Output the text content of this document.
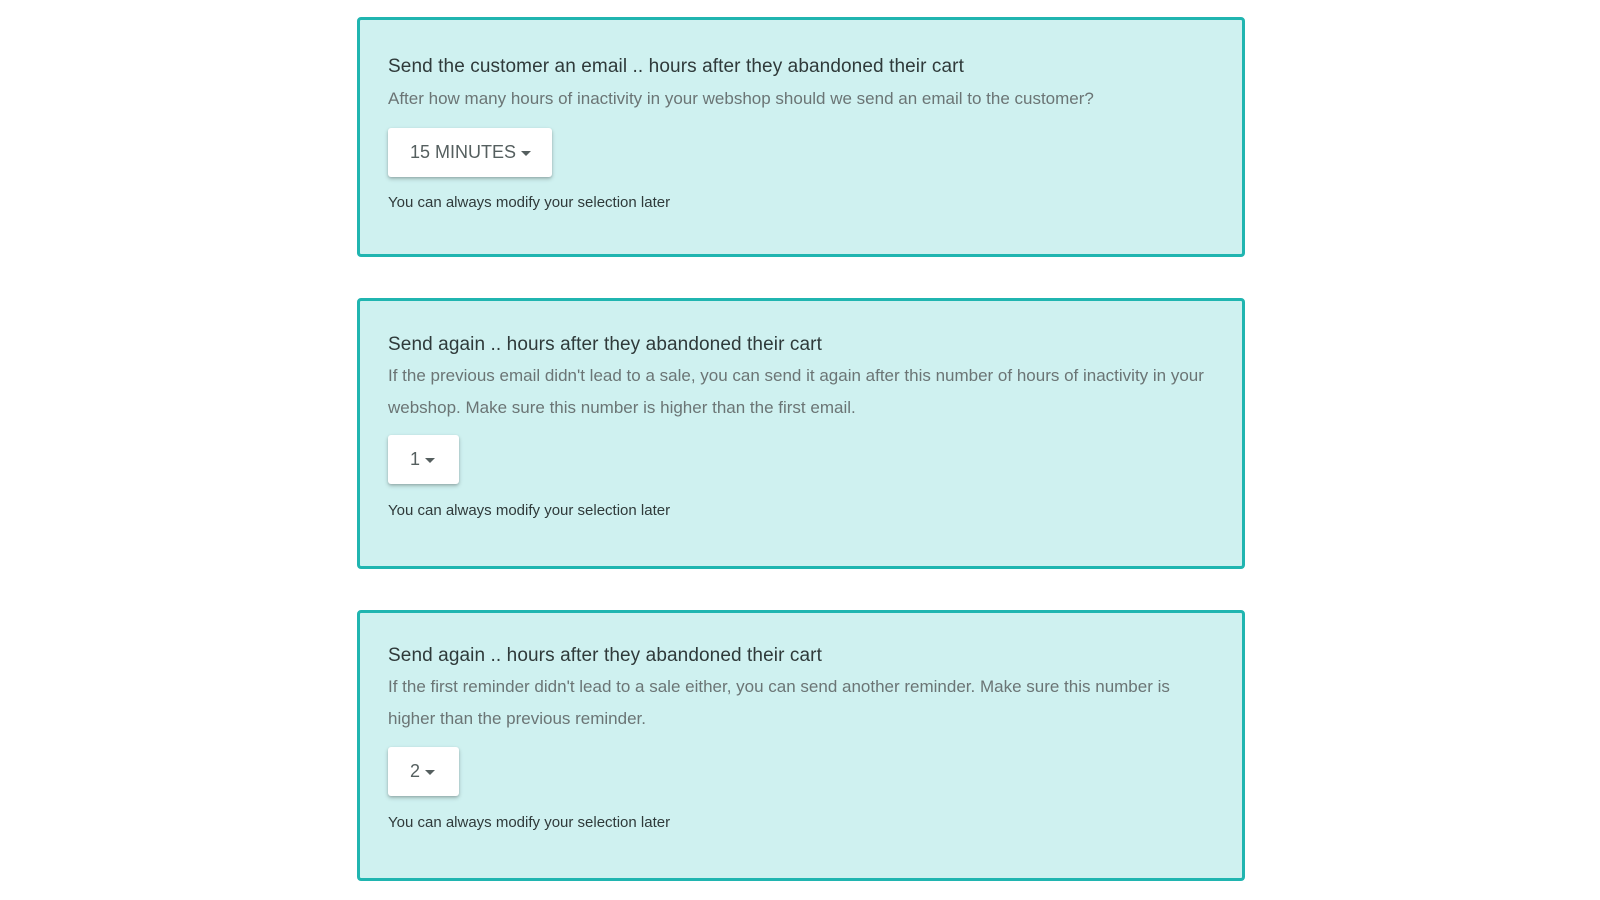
Send the customer an email .. hours after they abandoned their cart
After how many hours of inactivity in your webshop should we send an email to the customer?
15 MINUTES
You can always modify your selection later
Send again .. hours after they abandoned their cart
If the previous email didn't lead to a sale, you can send it again after this number of hours of inactivity in your webshop. Make sure this number is higher than the first email.
1
You can always modify your selection later
Send again .. hours after they abandoned their cart
If the first reminder didn't lead to a sale either, you can send another reminder. Make sure this number is higher than the previous reminder.
2
You can always modify your selection later
